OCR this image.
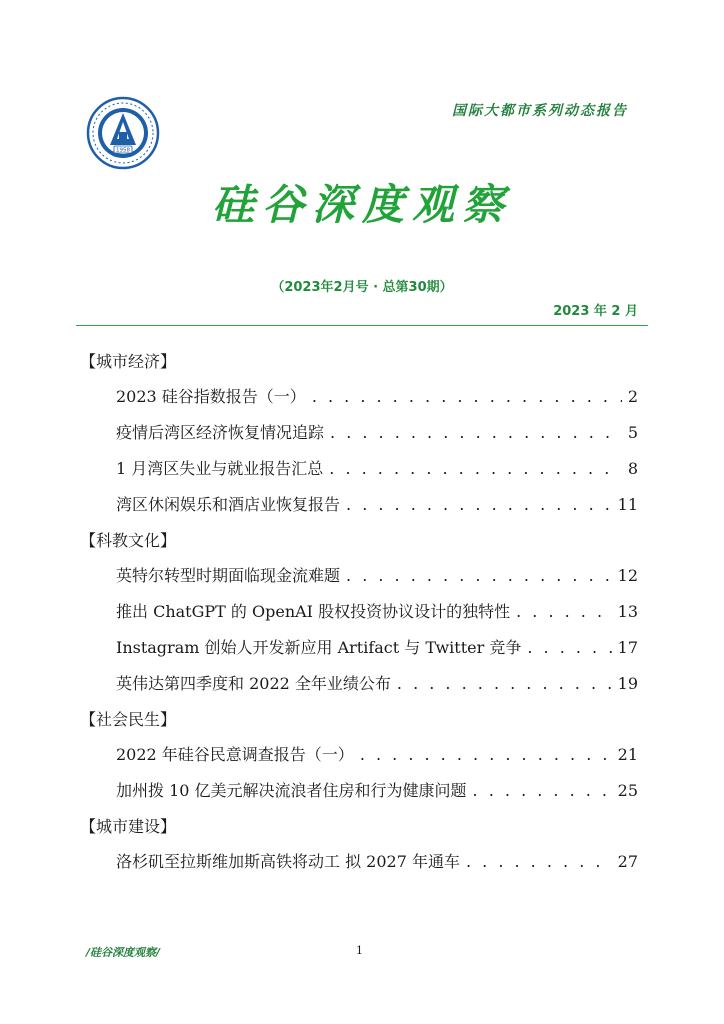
1958
国际大都市系列动态报告
硅谷深度观察
（2023年2月号 · 总第30期）
2023 年 2 月
【城市经济】
2023 硅谷指数报告（一） . . .	2
疫情后湾区经济恢复情况追踪 . . .	5
1 月湾区失业与就业报告汇总 . . .	8
湾区休闲娱乐和酒店业恢复报告 . . .	11
【科教文化】
英特尔转型时期面临现金流难题 . . .	12
推出 ChatGPT 的 OpenAI 股权投资协议设计的独特性 . . .	13
Instagram 创始人开发新应用 Artifact 与 Twitter 竞争 . . .	17
英伟达第四季度和 2022 全年业绩公布 . . .	19
【社会民生】
2022 年硅谷民意调查报告（一） . . .	21
加州拨 10 亿美元解决流浪者住房和行为健康问题 . . .	25
【城市建设】
洛杉矶至拉斯维加斯高铁将动工 拟 2027 年通车 . . .	27
/硅谷深度观察/	1
